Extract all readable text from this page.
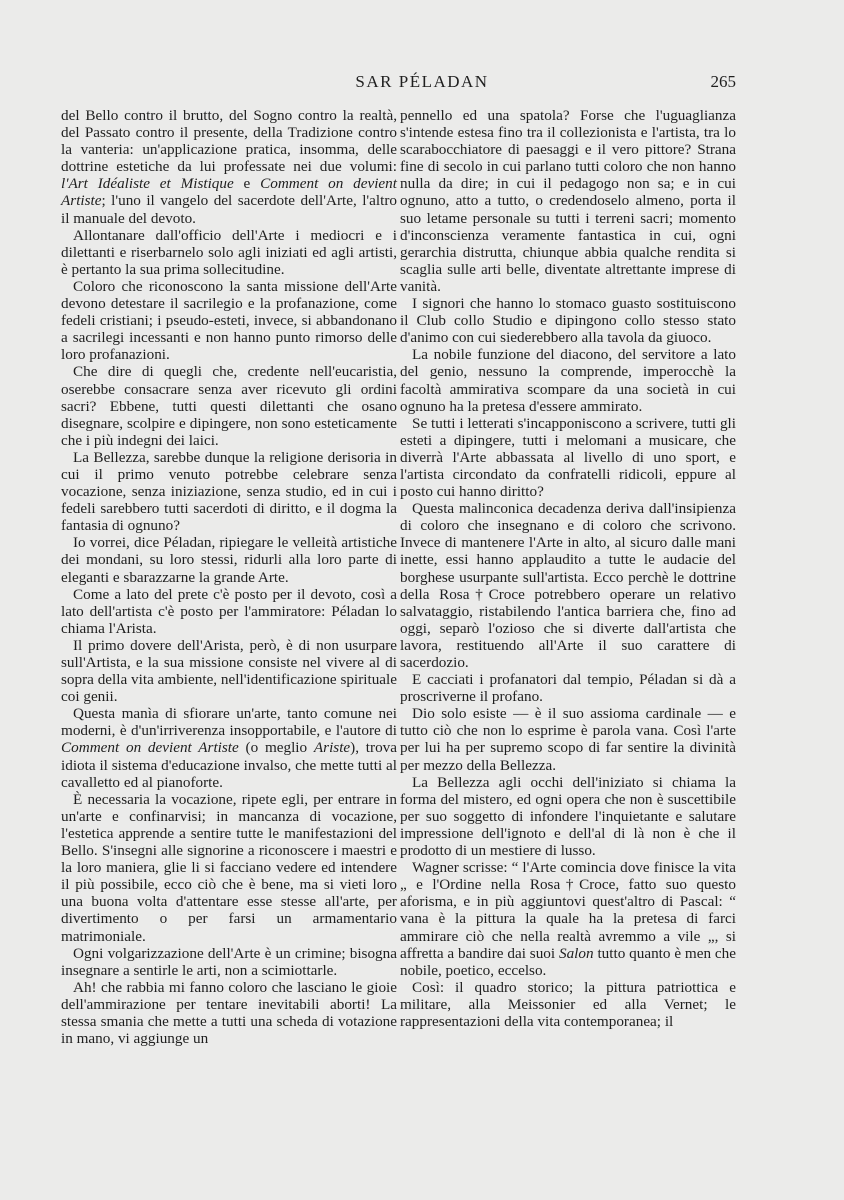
SAR PÉLADAN	265

del Bello contro il brutto, del Sogno contro la realtà, del Passato contro il presente, della Tradizione contro la vanteria: un'applicazione pratica, insomma, delle dottrine estetiche da lui professate nei due volumi: l'Art Idéaliste et Mistique e Comment on devient Artiste; l'uno il vangelo del sacerdote dell'Arte, l'altro il manuale del devoto.

Allontanare dall'officio dell'Arte i mediocri e i dilettanti e riserbarnelo solo agli iniziati ed agli artisti, è pertanto la sua prima sollecitudine.

Coloro che riconoscono la santa missione dell'Arte devono detestare il sacrilegio e la profanazione, come fedeli cristiani; i pseudo-esteti, invece, si abbandonano a sacrilegi incessanti e non hanno punto rimorso delle loro profanazioni.

Che dire di quegli che, credente nell'eucaristia, oserebbe consacrare senza aver ricevuto gli ordini sacri? Ebbene, tutti questi dilettanti che osano disegnare, scolpire e dipingere, non sono esteticamente che i più indegni dei laici.

La Bellezza, sarebbe dunque la religione derisoria in cui il primo venuto potrebbe celebrare senza vocazione, senza iniziazione, senza studio, ed in cui i fedeli sarebbero tutti sacerdoti di diritto, e il dogma la fantasia di ognuno?

Io vorrei, dice Péladan, ripiegare le velleità artistiche dei mondani, su loro stessi, ridurli alla loro parte di eleganti e sbarazzarne la grande Arte.

Come a lato del prete c'è posto per il devoto, così a lato dell'artista c'è posto per l'ammiratore: Péladan lo chiama l'Arista.

Il primo dovere dell'Arista, però, è di non usurpare sull'Artista, e la sua missione consiste nel vivere al di sopra della vita ambiente, nell'identificazione spirituale coi genii.

Questa manìa di sfiorare un'arte, tanto comune nei moderni, è d'un'irriverenza insopportabile, e l'autore di Comment on devient Artiste (o meglio Ariste), trova idiota il sistema d'educazione invalso, che mette tutti al cavalletto ed al pianoforte.

È necessaria la vocazione, ripete egli, per entrare in un'arte e confinarvisi; in mancanza di vocazione, l'estetica apprende a sentire tutte le manifestazioni del Bello. S'insegni alle signorine a riconoscere i maestri e la loro maniera, glie li si facciano vedere ed intendere il più possibile, ecco ciò che è bene, ma si vieti loro una buona volta d'attentare esse stesse all'arte, per divertimento o per farsi un armamentario matrimoniale.

Ogni volgarizzazione dell'Arte è un crimine; bisogna insegnare a sentirle le arti, non a scimiottarle.

Ah! che rabbia mi fanno coloro che lasciano le gioie dell'ammirazione per tentare inevitabili aborti! La stessa smania che mette a tutti una scheda di votazione in mano, vi aggiunge un

pennello ed una spatola? Forse che l'uguaglianza s'intende estesa fino tra il collezionista e l'artista, tra lo scarabocchiatore di paesaggi e il vero pittore? Strana fine di secolo in cui parlano tutti coloro che non hanno nulla da dire; in cui il pedagogo non sa; e in cui ognuno, atto a tutto, o credendoselo almeno, porta il suo letame personale su tutti i terreni sacri; momento d'inconscienza veramente fantastica in cui, ogni gerarchia distrutta, chiunque abbia qualche rendita si scaglia sulle arti belle, diventate altrettante imprese di vanità.

I signori che hanno lo stomaco guasto sostituiscono il Club collo Studio e dipingono collo stesso stato d'animo con cui siederebbero alla tavola da giuoco.

La nobile funzione del diacono, del servitore a lato del genio, nessuno la comprende, imperocchè la facoltà ammirativa scompare da una società in cui ognuno ha la pretesa d'essere ammirato.

Se tutti i letterati s'incapponiscono a scrivere, tutti gli esteti a dipingere, tutti i melomani a musicare, che diverrà l'Arte abbassata al livello di uno sport, e l'artista circondato da confratelli ridicoli, eppure al posto cui hanno diritto?

Questa malinconica decadenza deriva dall'insipienza di coloro che insegnano e di coloro che scrivono. Invece di mantenere l'Arte in alto, al sicuro dalle mani inette, essi hanno applaudito a tutte le audacie del borghese usurpante sull'artista. Ecco perchè le dottrine della Rosa†Croce potrebbero operare un relativo salvataggio, ristabilendo l'antica barriera che, fino ad oggi, separò l'ozioso che si diverte dall'artista che lavora, restituendo all'Arte il suo carattere di sacerdozio.

E cacciati i profanatori dal tempio, Péladan si dà a proscriverne il profano.

Dio solo esiste — è il suo assioma cardinale — e tutto ciò che non lo esprime è parola vana. Così l'arte per lui ha per supremo scopo di far sentire la divinità per mezzo della Bellezza.

La Bellezza agli occhi dell'iniziato si chiama la forma del mistero, ed ogni opera che non è suscettibile per suo soggetto di infondere l'inquietante e salutare impressione dell'ignoto e dell'al di là non è che il prodotto di un mestiere di lusso.

Wagner scrisse: “ l'Arte comincia dove finisce la vita „ e l'Ordine nella Rosa†Croce, fatto suo questo aforisma, e in più aggiuntovi quest'altro di Pascal: “ vana è la pittura la quale ha la pretesa di farci ammirare ciò che nella realtà avremmo a vile „, si affretta a bandire dai suoi Salon tutto quanto è men che nobile, poetico, eccelso.

Così: il quadro storico; la pittura patriottica e militare, alla Meissonier ed alla Vernet; le rappresentazioni della vita contemporanea; il
